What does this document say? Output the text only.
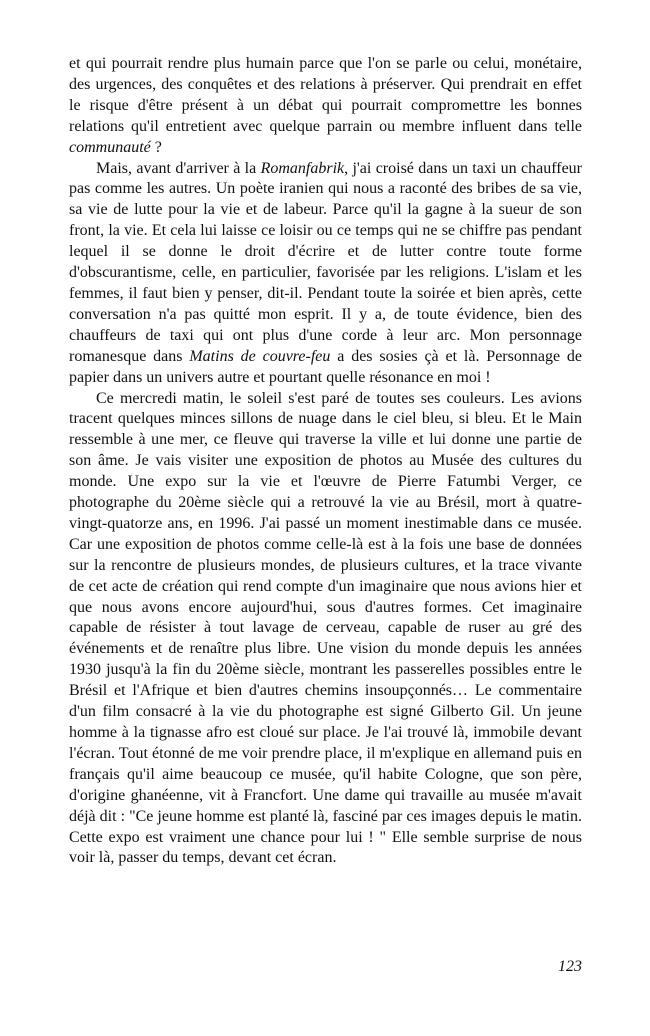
et qui pourrait rendre plus humain parce que l'on se parle ou celui, monétaire, des urgences, des conquêtes et des relations à préserver. Qui prendrait en effet le risque d'être présent à un débat qui pourrait compromettre les bonnes relations qu'il entretient avec quelque parrain ou membre influent dans telle communauté ?

Mais, avant d'arriver à la Romanfabrik, j'ai croisé dans un taxi un chauffeur pas comme les autres. Un poète iranien qui nous a raconté des bribes de sa vie, sa vie de lutte pour la vie et de labeur. Parce qu'il la gagne à la sueur de son front, la vie. Et cela lui laisse ce loisir ou ce temps qui ne se chiffre pas pendant lequel il se donne le droit d'écrire et de lutter contre toute forme d'obscurantisme, celle, en particulier, favorisée par les religions. L'islam et les femmes, il faut bien y penser, dit-il. Pendant toute la soirée et bien après, cette conversation n'a pas quitté mon esprit. Il y a, de toute évidence, bien des chauffeurs de taxi qui ont plus d'une corde à leur arc. Mon personnage romanesque dans Matins de couvre-feu a des sosies çà et là. Personnage de papier dans un univers autre et pourtant quelle résonance en moi !

Ce mercredi matin, le soleil s'est paré de toutes ses couleurs. Les avions tracent quelques minces sillons de nuage dans le ciel bleu, si bleu. Et le Main ressemble à une mer, ce fleuve qui traverse la ville et lui donne une partie de son âme. Je vais visiter une exposition de photos au Musée des cultures du monde. Une expo sur la vie et l'œuvre de Pierre Fatumbi Verger, ce photographe du 20ème siècle qui a retrouvé la vie au Brésil, mort à quatre-vingt-quatorze ans, en 1996. J'ai passé un moment inestimable dans ce musée. Car une exposition de photos comme celle-là est à la fois une base de données sur la rencontre de plusieurs mondes, de plusieurs cultures, et la trace vivante de cet acte de création qui rend compte d'un imaginaire que nous avions hier et que nous avons encore aujourd'hui, sous d'autres formes. Cet imaginaire capable de résister à tout lavage de cerveau, capable de ruser au gré des événements et de renaître plus libre. Une vision du monde depuis les années 1930 jusqu'à la fin du 20ème siècle, montrant les passerelles possibles entre le Brésil et l'Afrique et bien d'autres chemins insoupçonnés… Le commentaire d'un film consacré à la vie du photographe est signé Gilberto Gil. Un jeune homme à la tignasse afro est cloué sur place. Je l'ai trouvé là, immobile devant l'écran. Tout étonné de me voir prendre place, il m'explique en allemand puis en français qu'il aime beaucoup ce musée, qu'il habite Cologne, que son père, d'origine ghanéenne, vit à Francfort. Une dame qui travaille au musée m'avait déjà dit : "Ce jeune homme est planté là, fasciné par ces images depuis le matin. Cette expo est vraiment une chance pour lui ! " Elle semble surprise de nous voir là, passer du temps, devant cet écran.

123
